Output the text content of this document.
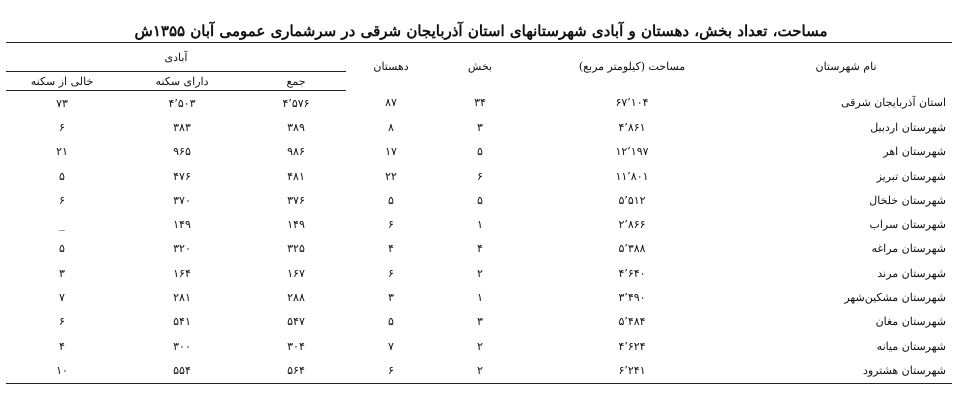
مساحت، تعداد بخش، دهستان و آبادی شهرستانهای استان آذربایجان شرقی در سرشماری عمومی آبان ۱۳۵۵ش
نام شهرستان	مساحت (کیلومتر مربع)	بخش	دهستان	آبادی		
				جمع	دارای سکنه	خالی از سکنه
استان آذربایجان شرقی	۶۷٬۱۰۴	۳۴	۸۷	۴٬۵۷۶	۴٬۵۰۳	۷۳
شهرستان اردبیل	۴٬۸۶۱	۳	۸	۳۸۹	۳۸۳	۶
شهرستان اهر	۱۲٬۱۹۷	۵	۱۷	۹۸۶	۹۶۵	۲۱
شهرستان تبریز	۱۱٬۸۰۱	۶	۲۲	۴۸۱	۴۷۶	۵
شهرستان خلخال	۵٬۵۱۲	۵	۵	۳۷۶	۳۷۰	۶
شهرستان سراب	۲٬۸۶۶	۱	۶	۱۴۹	۱۴۹	_
شهرستان مراغه	۵٬۳۸۸	۴	۴	۳۲۵	۳۲۰	۵
شهرستان مرند	۴٬۶۴۰	۲	۶	۱۶۷	۱۶۴	۳
شهرستان مشکین‌شهر	۳٬۴۹۰	۱	۳	۲۸۸	۲۸۱	۷
شهرستان مغان	۵٬۴۸۴	۳	۵	۵۴۷	۵۴۱	۶
شهرستان میانه	۴٬۶۲۴	۲	۷	۳۰۴	۳۰۰	۴
شهرستان هشترود	۶٬۲۴۱	۲	۶	۵۶۴	۵۵۴	۱۰
